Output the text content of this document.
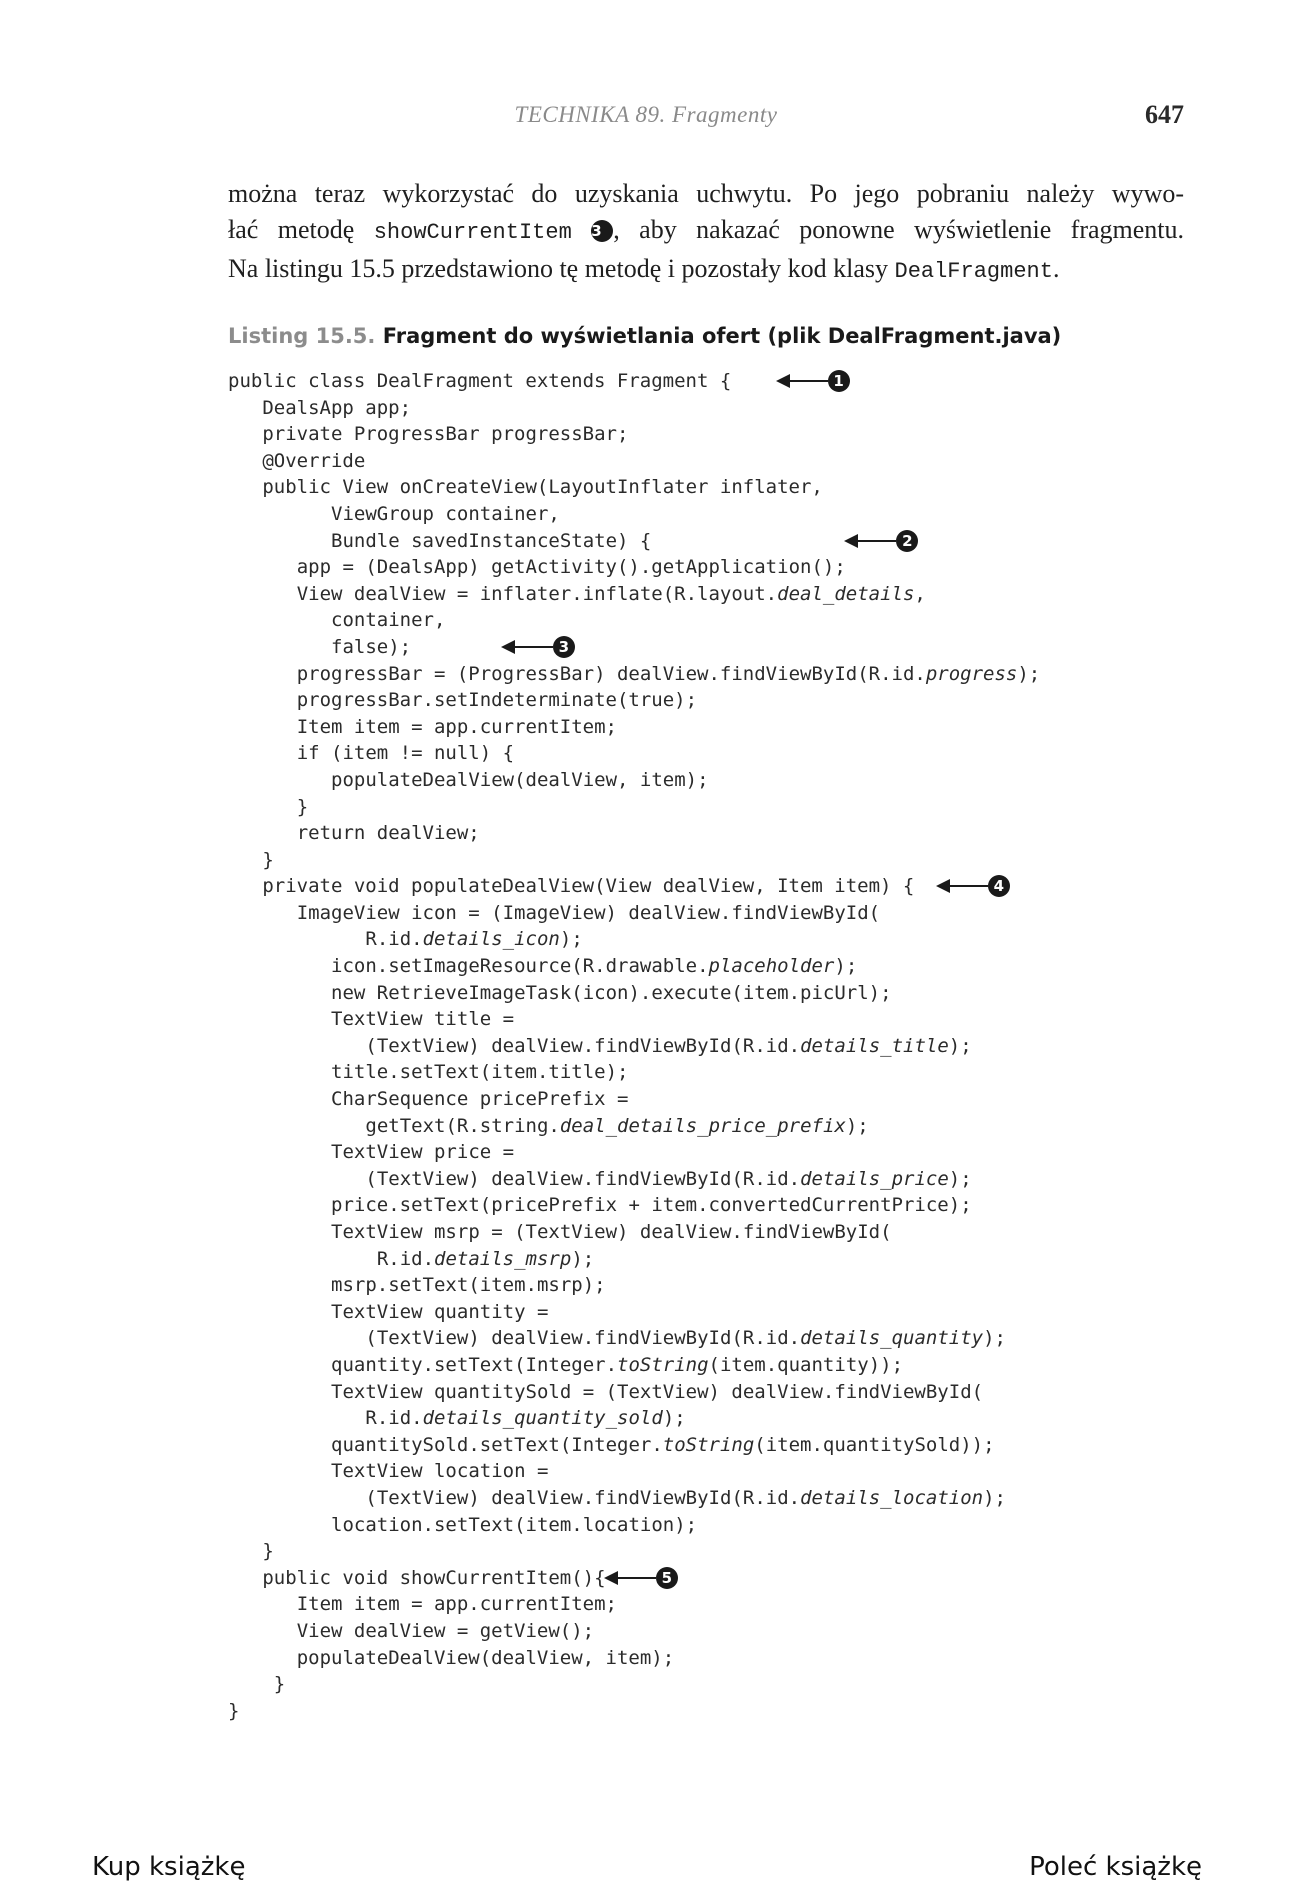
TECHNIKA 89. Fragmenty	647
można teraz wykorzystać do uzyskania uchwytu. Po jego pobraniu należy wywo-
łać metodę showCurrentItem 3 , aby nakazać ponowne wyświetlenie fragmentu.
Na listingu 15.5 przedstawiono tę metodę i pozostały kod klasy DealFragment.
Listing 15.5. Fragment do wyświetlania ofert (plik DealFragment.java)
public class DealFragment extends Fragment {	1
DealsApp app;
private ProgressBar progressBar;
@Override
public View onCreateView(LayoutInflater inflater,
ViewGroup container,
Bundle savedInstanceState) {	2
app = (DealsApp) getActivity().getApplication();
View dealView = inflater.inflate(R.layout.deal_details,
container,
false);	3
progressBar = (ProgressBar) dealView.findViewById(R.id.progress);
progressBar.setIndeterminate(true);
Item item = app.currentItem;
if (item != null) {
populateDealView(dealView, item);
}
return dealView;
}
private void populateDealView(View dealView, Item item) {	4
ImageView icon = (ImageView) dealView.findViewById(
R.id.details_icon);
icon.setImageResource(R.drawable.placeholder);
new RetrieveImageTask(icon).execute(item.picUrl);
TextView title =
(TextView) dealView.findViewById(R.id.details_title);
title.setText(item.title);
CharSequence pricePrefix =
getText(R.string.deal_details_price_prefix);
TextView price =
(TextView) dealView.findViewById(R.id.details_price);
price.setText(pricePrefix + item.convertedCurrentPrice);
TextView msrp = (TextView) dealView.findViewById(
R.id.details_msrp);
msrp.setText(item.msrp);
TextView quantity =
(TextView) dealView.findViewById(R.id.details_quantity);
quantity.setText(Integer.toString(item.quantity));
TextView quantitySold = (TextView) dealView.findViewById(
R.id.details_quantity_sold);
quantitySold.setText(Integer.toString(item.quantitySold));
TextView location =
(TextView) dealView.findViewById(R.id.details_location);
location.setText(item.location);
}
public void showCurrentItem(){	5
Item item = app.currentItem;
View dealView = getView();
populateDealView(dealView, item);
}
}
Kup książkę	Poleć książkę
